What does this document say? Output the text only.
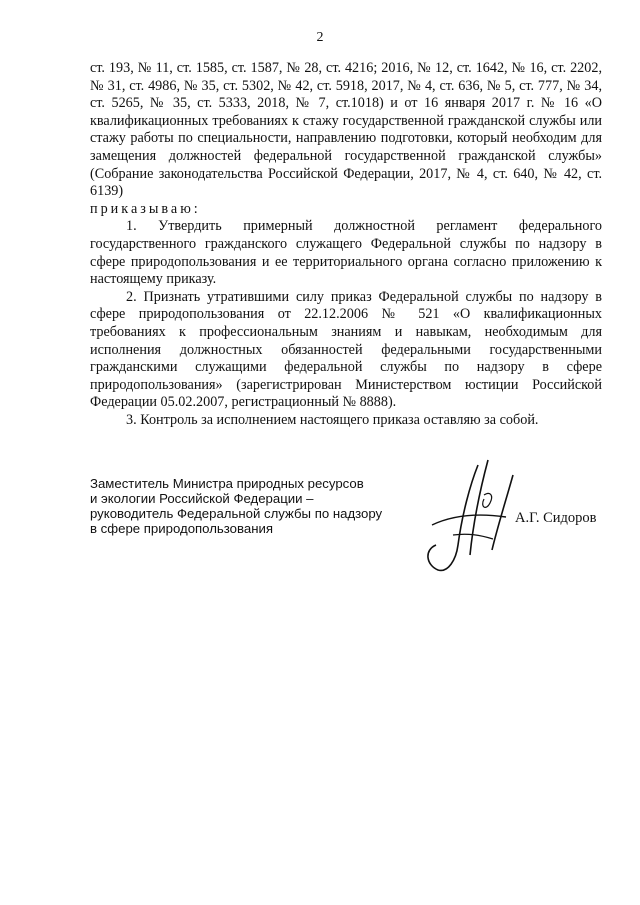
2

ст. 193, № 11, ст. 1585, ст. 1587, № 28, ст. 4216; 2016, № 12, ст. 1642, № 16, ст. 2202, № 31, ст. 4986, № 35, ст. 5302, № 42, ст. 5918, 2017, № 4, ст. 636, № 5, ст. 777, № 34, ст. 5265, № 35, ст. 5333, 2018, № 7, ст.1018) и от 16 января 2017 г. № 16 «О квалификационных требованиях к стажу государственной гражданской службы или стажу работы по специальности, направлению подготовки, который необходим для замещения должностей федеральной государственной гражданской службы» (Собрание законодательства Российской Федерации, 2017, № 4, ст. 640, № 42, ст. 6139)

приказываю:

1. Утвердить примерный должностной регламент федерального государственного гражданского служащего Федеральной службы по надзору в сфере природопользования и ее территориального органа согласно приложению к настоящему приказу.

2. Признать утратившими силу приказ Федеральной службы по надзору в сфере природопользования от 22.12.2006 № 521 «О квалификационных требованиях к профессиональным знаниям и навыкам, необходимым для исполнения должностных обязанностей федеральными государственными гражданскими служащими федеральной службы по надзору в сфере природопользования» (зарегистрирован Министерством юстиции Российской Федерации 05.02.2007, регистрационный № 8888).

3. Контроль за исполнением настоящего приказа оставляю за собой.

Заместитель Министра природных ресурсов
и экологии Российской Федерации –
руководитель Федеральной службы по надзору
в сфере природопользования
А.Г. Сидоров
